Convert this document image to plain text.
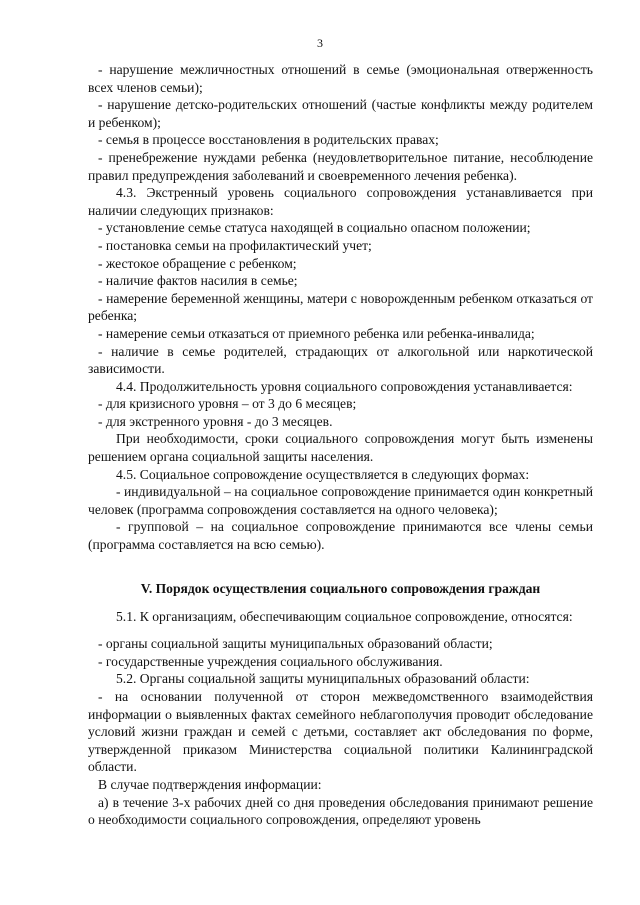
3

- нарушение межличностных отношений в семье (эмоциональная отверженность всех членов семьи);

- нарушение детско-родительских отношений (частые конфликты между родителем и ребенком);

- семья в процессе восстановления в родительских правах;

- пренебрежение нуждами ребенка (неудовлетворительное питание, несоблюдение правил предупреждения заболеваний и своевременного лечения ребенка).

4.3. Экстренный уровень социального сопровождения устанавливается при наличии следующих признаков:

- установление семье статуса находящей в социально опасном положении;

- постановка семьи на профилактический учет;

- жестокое обращение с ребенком;

- наличие фактов насилия в семье;

- намерение беременной женщины, матери с новорожденным ребенком отказаться от ребенка;

- намерение семьи отказаться от приемного ребенка или ребенка-инвалида;

- наличие в семье родителей, страдающих от алкогольной или наркотической зависимости.

4.4. Продолжительность уровня социального сопровождения устанавливается:

- для кризисного уровня – от 3 до 6 месяцев;

- для экстренного уровня - до 3 месяцев.

При необходимости, сроки социального сопровождения могут быть изменены решением органа социальной защиты населения.

4.5. Социальное сопровождение осуществляется в следующих формах:

- индивидуальной – на социальное сопровождение принимается один конкретный человек (программа сопровождения составляется на одного человека);

- групповой – на социальное сопровождение принимаются все члены семьи (программа составляется на всю семью).

V. Порядок осуществления социального сопровождения граждан

5.1. К организациям, обеспечивающим социальное сопровождение, относятся:

- органы социальной защиты муниципальных образований области;

- государственные учреждения социального обслуживания.

5.2. Органы социальной защиты муниципальных образований области:

- на основании полученной от сторон межведомственного взаимодействия информации о выявленных фактах семейного неблагополучия проводит обследование условий жизни граждан и семей с детьми, составляет акт обследования по форме, утвержденной приказом Министерства социальной политики Калининградской области.

В случае подтверждения информации:

а) в течение 3-х рабочих дней со дня проведения обследования принимают решение о необходимости социального сопровождения, определяют уровень
